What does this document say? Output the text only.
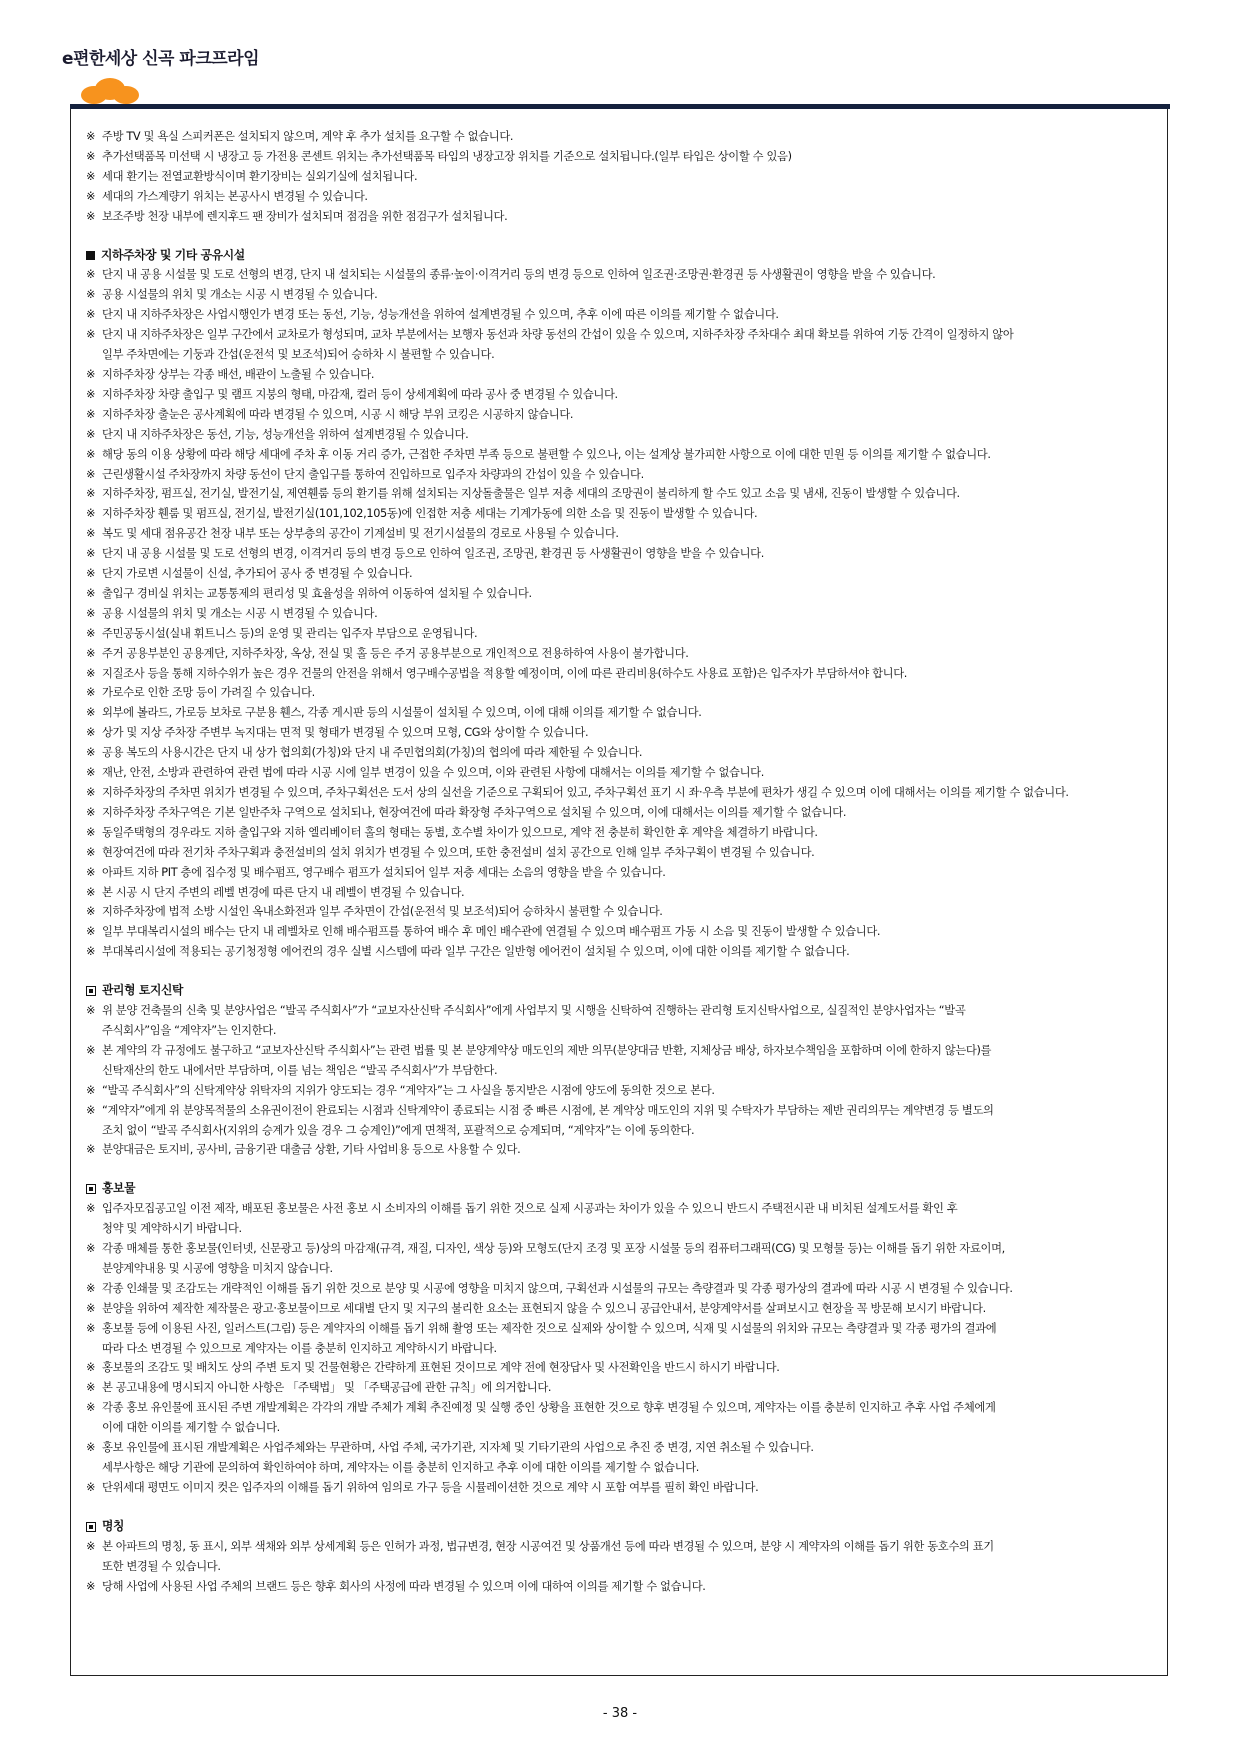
e편한세상 신곡 파크프라임
※ 주방 TV 및 욕실 스피커폰은 설치되지 않으며, 계약 후 추가 설치를 요구할 수 없습니다.
※ 추가선택품목 미선택 시 냉장고 등 가전용 콘센트 위치는 추가선택품목 타입의 냉장고장 위치를 기준으로 설치됩니다.(일부 타입은 상이할 수 있음)
※ 세대 환기는 전열교환방식이며 환기장비는 실외기실에 설치됩니다.
※ 세대의 가스계량기 위치는 본공사시 변경될 수 있습니다.
※ 보조주방 천장 내부에 렌지후드 팬 장비가 설치되며 점검을 위한 점검구가 설치됩니다.
지하주차장 및 기타 공유시설
※ 단지 내 공용 시설물 및 도로 선형의 변경, 단지 내 설치되는 시설물의 종류·높이·이격거리 등의 변경 등으로 인하여 일조권·조망권·환경권 등 사생활권이 영향을 받을 수 있습니다.
※ 공용 시설물의 위치 및 개소는 시공 시 변경될 수 있습니다.
※ 단지 내 지하주차장은 사업시행인가 변경 또는 동선, 기능, 성능개선을 위하여 설계변경될 수 있으며, 추후 이에 따른 이의를 제기할 수 없습니다.
※ 단지 내 지하주차장은 일부 구간에서 교차로가 형성되며, 교차 부분에서는 보행자 동선과 차량 동선의 간섭이 있을 수 있으며, 지하주차장 주차대수 최대 확보를 위하여 기둥 간격이 일정하지 않아
일부 주차면에는 기둥과 간섭(운전석 및 보조석)되어 승하차 시 불편할 수 있습니다.
※ 지하주차장 상부는 각종 배선, 배관이 노출될 수 있습니다.
※ 지하주차장 차량 출입구 및 램프 지붕의 형태, 마감재, 컬러 등이 상세계획에 따라 공사 중 변경될 수 있습니다.
※ 지하주차장 출눈은 공사계획에 따라 변경될 수 있으며, 시공 시 해당 부위 코킹은 시공하지 않습니다.
※ 단지 내 지하주차장은 동선, 기능, 성능개선을 위하여 설계변경될 수 있습니다.
※ 해당 동의 이용 상황에 따라 해당 세대에 주차 후 이동 거리 증가, 근접한 주차면 부족 등으로 불편할 수 있으나, 이는 설계상 불가피한 사항으로 이에 대한 민원 등 이의를 제기할 수 없습니다.
※ 근린생활시설 주차장까지 차량 동선이 단지 출입구를 통하여 진입하므로 입주자 차량과의 간섭이 있을 수 있습니다.
※ 지하주차장, 펌프실, 전기실, 발전기실, 제연휀룸 등의 환기를 위해 설치되는 지상돌출물은 일부 저층 세대의 조망권이 불리하게 할 수도 있고 소음 및 냄새, 진동이 발생할 수 있습니다.
※ 지하주차장 휀룸 및 펌프실, 전기실, 발전기실(101,102,105동)에 인접한 저층 세대는 기계가동에 의한 소음 및 진동이 발생할 수 있습니다.
※ 복도 및 세대 점유공간 천장 내부 또는 상부층의 공간이 기계설비 및 전기시설물의 경로로 사용될 수 있습니다.
※ 단지 내 공용 시설물 및 도로 선형의 변경, 이격거리 등의 변경 등으로 인하여 일조권, 조망권, 환경권 등 사생활권이 영향을 받을 수 있습니다.
※ 단지 가로변 시설물이 신설, 추가되어 공사 중 변경될 수 있습니다.
※ 출입구 경비실 위치는 교통통제의 편리성 및 효율성을 위하여 이동하여 설치될 수 있습니다.
※ 공용 시설물의 위치 및 개소는 시공 시 변경될 수 있습니다.
※ 주민공동시설(실내 휘트니스 등)의 운영 및 관리는 입주자 부담으로 운영됩니다.
※ 주거 공용부분인 공용계단, 지하주차장, 옥상, 전실 및 홀 등은 주거 공용부분으로 개인적으로 전용하하여 사용이 불가합니다.
※ 지질조사 등을 통해 지하수위가 높은 경우 건물의 안전을 위해서 영구배수공법을 적용할 예정이며, 이에 따른 관리비용(하수도 사용료 포함)은 입주자가 부담하셔야 합니다.
※ 가로수로 인한 조망 등이 가려질 수 있습니다.
※ 외부에 볼라드, 가로등 보차로 구분용 휀스, 각종 게시판 등의 시설물이 설치될 수 있으며, 이에 대해 이의를 제기할 수 없습니다.
※ 상가 및 지상 주차장 주변부 녹지대는 면적 및 형태가 변경될 수 있으며 모형, CG와 상이할 수 있습니다.
※ 공용 복도의 사용시간은 단지 내 상가 협의회(가칭)와 단지 내 주민협의회(가칭)의 협의에 따라 제한될 수 있습니다.
※ 재난, 안전, 소방과 관련하여 관련 법에 따라 시공 시에 일부 변경이 있을 수 있으며, 이와 관련된 사항에 대해서는 이의를 제기할 수 없습니다.
※ 지하주차장의 주차면 위치가 변경될 수 있으며, 주차구획선은 도서 상의 실선을 기준으로 구획되어 있고, 주차구획선 표기 시 좌·우측 부분에 편차가 생길 수 있으며 이에 대해서는 이의를 제기할 수 없습니다.
※ 지하주차장 주차구역은 기본 일반주차 구역으로 설치되나, 현장여건에 따라 확장형 주차구역으로 설치될 수 있으며, 이에 대해서는 이의를 제기할 수 없습니다.
※ 동일주택형의 경우라도 지하 출입구와 지하 엘리베이터 홀의 형태는 동별, 호수별 차이가 있으므로, 계약 전 충분히 확인한 후 계약을 체결하기 바랍니다.
※ 현장여건에 따라 전기차 주차구획과 충전설비의 설치 위치가 변경될 수 있으며, 또한 충전설비 설치 공간으로 인해 일부 주차구획이 변경될 수 있습니다.
※ 아파트 지하 PIT 층에 집수정 및 배수펌프, 영구배수 펌프가 설치되어 일부 저층 세대는 소음의 영향을 받을 수 있습니다.
※ 본 시공 시 단지 주변의 레벨 변경에 따른 단지 내 레벨이 변경될 수 있습니다.
※ 지하주차장에 법적 소방 시설인 옥내소화전과 일부 주차면이 간섭(운전석 및 보조석)되어 승하차시 불편할 수 있습니다.
※ 일부 부대복리시설의 배수는 단지 내 레벨차로 인해 배수펌프를 통하여 배수 후 메인 배수관에 연결될 수 있으며 배수펌프 가동 시 소음 및 진동이 발생할 수 있습니다.
※ 부대복리시설에 적용되는 공기청정형 에어컨의 경우 실별 시스템에 따라 일부 구간은 일반형 에어컨이 설치될 수 있으며, 이에 대한 이의를 제기할 수 없습니다.
관리형 토지신탁
※ 위 분양 건축물의 신축 및 분양사업은 “발곡 주식회사”가 “교보자산신탁 주식회사”에게 사업부지 및 시행을 신탁하여 진행하는 관리형 토지신탁사업으로, 실질적인 분양사업자는 “발곡
주식회사”임을 “계약자”는 인지한다.
※ 본 계약의 각 규정에도 불구하고 “교보자산신탁 주식회사”는 관련 법률 및 본 분양계약상 매도인의 제반 의무(분양대금 반환, 지체상금 배상, 하자보수책임을 포함하며 이에 한하지 않는다)를
신탁재산의 한도 내에서만 부담하며, 이를 넘는 책임은 “발곡 주식회사”가 부담한다.
※ “발곡 주식회사”의 신탁계약상 위탁자의 지위가 양도되는 경우 “계약자”는 그 사실을 통지받은 시점에 양도에 동의한 것으로 본다.
※ “계약자”에게 위 분양목적물의 소유권이전이 완료되는 시점과 신탁계약이 종료되는 시점 중 빠른 시점에, 본 계약상 매도인의 지위 및 수탁자가 부담하는 제반 권리의무는 계약변경 등 별도의
조치 없이 “발곡 주식회사(지위의 승계가 있을 경우 그 승계인)”에게 면책적, 포괄적으로 승계되며, “계약자”는 이에 동의한다.
※ 분양대금은 토지비, 공사비, 금융기관 대출금 상환, 기타 사업비용 등으로 사용할 수 있다.
홍보물
※ 입주자모집공고일 이전 제작, 배포된 홍보물은 사전 홍보 시 소비자의 이해를 돕기 위한 것으로 실제 시공과는 차이가 있을 수 있으니 반드시 주택전시관 내 비치된 설계도서를 확인 후
청약 및 계약하시기 바랍니다.
※ 각종 매체를 통한 홍보물(인터넷, 신문광고 등)상의 마감재(규격, 재질, 디자인, 색상 등)와 모형도(단지 조경 및 포장 시설물 등의 컴퓨터그래픽(CG) 및 모형물 등)는 이해를 돕기 위한 자료이며,
분양계약내용 및 시공에 영향을 미치지 않습니다.
※ 각종 인쇄물 및 조감도는 개략적인 이해를 돕기 위한 것으로 분양 및 시공에 영향을 미치지 않으며, 구획선과 시설물의 규모는 측량결과 및 각종 평가상의 결과에 따라 시공 시 변경될 수 있습니다.
※ 분양을 위하여 제작한 제작물은 광고·홍보물이므로 세대별 단지 및 지구의 불리한 요소는 표현되지 않을 수 있으니 공급안내서, 분양계약서를 살펴보시고 현장을 꼭 방문해 보시기 바랍니다.
※ 홍보물 등에 이용된 사진, 일러스트(그림) 등은 계약자의 이해를 돕기 위해 촬영 또는 제작한 것으로 실제와 상이할 수 있으며, 식재 및 시설물의 위치와 규모는 측량결과 및 각종 평가의 결과에
따라 다소 변경될 수 있으므로 계약자는 이를 충분히 인지하고 계약하시기 바랍니다.
※ 홍보물의 조감도 및 배치도 상의 주변 토지 및 건물현황은 간략하게 표현된 것이므로 계약 전에 현장답사 및 사전확인을 반드시 하시기 바랍니다.
※ 본 공고내용에 명시되지 아니한 사항은 「주택법」 및 「주택공급에 관한 규칙」에 의거합니다.
※ 각종 홍보 유인물에 표시된 주변 개발계획은 각각의 개발 주체가 계획 추진예정 및 실행 중인 상황을 표현한 것으로 향후 변경될 수 있으며, 계약자는 이를 충분히 인지하고 추후 사업 주체에게
이에 대한 이의를 제기할 수 없습니다.
※ 홍보 유인물에 표시된 개발계획은 사업주체와는 무관하며, 사업 주체, 국가기관, 지자체 및 기타기관의 사업으로 추진 중 변경, 지연 취소될 수 있습니다.
세부사항은 해당 기관에 문의하여 확인하여야 하며, 계약자는 이를 충분히 인지하고 추후 이에 대한 이의를 제기할 수 없습니다.
※ 단위세대 평면도 이미지 컷은 입주자의 이해를 돕기 위하여 임의로 가구 등을 시뮬레이션한 것으로 계약 시 포함 여부를 필히 확인 바랍니다.
명칭
※ 본 아파트의 명칭, 동 표시, 외부 색채와 외부 상세계획 등은 인허가 과정, 법규변경, 현장 시공여건 및 상품개선 등에 따라 변경될 수 있으며, 분양 시 계약자의 이해를 돕기 위한 동호수의 표기
또한 변경될 수 있습니다.
※ 당해 사업에 사용된 사업 주체의 브랜드 등은 향후 회사의 사정에 따라 변경될 수 있으며 이에 대하여 이의를 제기할 수 없습니다.
- 38 -
